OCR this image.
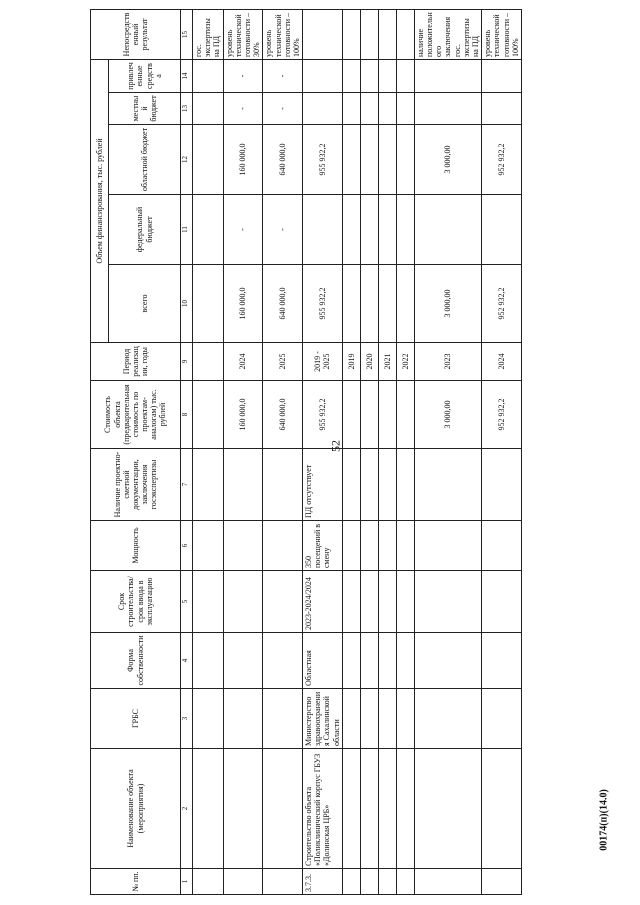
52
№ пп.	Наименование объекта (мероприятия)	ГРБС	Форма собственности	Срок строительства/срок ввода в эксплуатацию	Мощность	Наличие проектно-сметной документации, заключения госэкспертизы	Стоимость объекта (предварительная стоимость по проектам-аналогам) тыс. рублей	Период реализации, годы	Объем финансирования, тыс. рублей					Непосредственный результат
									всего	федеральный бюджет	областной бюджет	местный бюджет	привлеченные средства	
1	2	3	4	5	6	7	8	9	10	11	12	13	14	15
														гос. экспертизы на ПД
							160 000,0	2024	160 000,0	-	160 000,0	-	-	уровень технической готовности – 30%
							640 000,0	2025	640 000,0	-	640 000,0	-	-	уровень технической готовности – 100%
3.7.3.	Строительство объекта «Поликлинический корпус ГБУЗ «Долинская ЦРБ»	Министерство здравоохранения Сахалинской области	Областная	2023-2024/2024	350 посещений в смену	ПД отсутствует	955 932,2	2019 - 2025	955 932,2		955 932,2			
								2019						
								2020						
								2021						
								2022						
							3 000,00	2023	3 000,00		3 000,00			наличие положительного заключения гос. экспертизы на ПД
							952 932,2	2024	952 932,2		952 932,2			уровень технической готовности – 100%
00174(п)(14.0)
